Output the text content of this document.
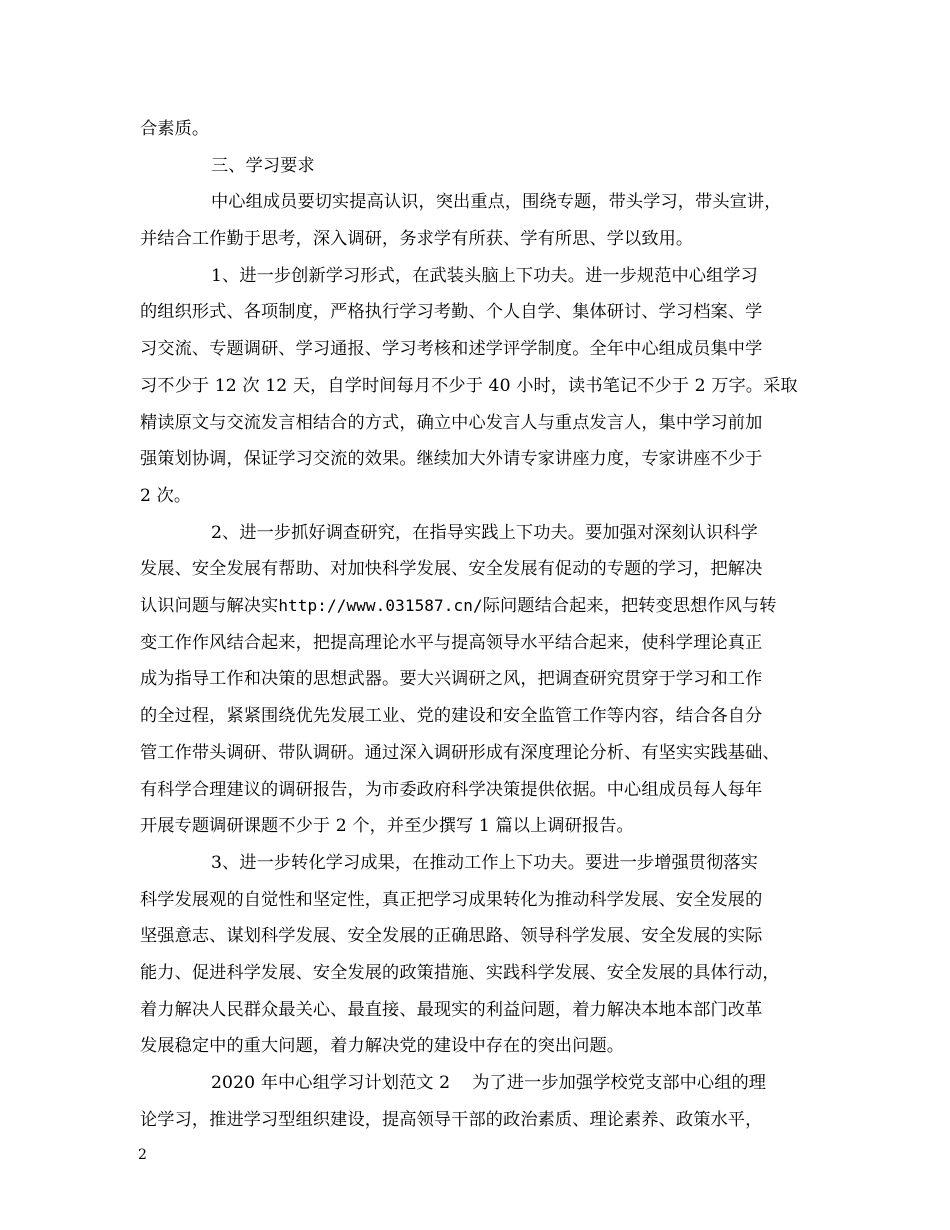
合素质。
三、学习要求
中心组成员要切实提高认识，突出重点，围绕专题，带头学习，带头宣讲，
并结合工作勤于思考，深入调研，务求学有所获、学有所思、学以致用。
1、进一步创新学习形式，在武装头脑上下功夫。进一步规范中心组学习
的组织形式、各项制度，严格执行学习考勤、个人自学、集体研讨、学习档案、学
习交流、专题调研、学习通报、学习考核和述学评学制度。全年中心组成员集中学
习不少于 12 次 12 天，自学时间每月不少于 40 小时，读书笔记不少于 2 万字。采取
精读原文与交流发言相结合的方式，确立中心发言人与重点发言人，集中学习前加
强策划协调，保证学习交流的效果。继续加大外请专家讲座力度，专家讲座不少于
2 次。
2、进一步抓好调查研究，在指导实践上下功夫。要加强对深刻认识科学
发展、安全发展有帮助、对加快科学发展、安全发展有促动的专题的学习，把解决
认识问题与解决实http://www.031587.cn/际问题结合起来，把转变思想作风与转
变工作作风结合起来，把提高理论水平与提高领导水平结合起来，使科学理论真正
成为指导工作和决策的思想武器。要大兴调研之风，把调查研究贯穿于学习和工作
的全过程，紧紧围绕优先发展工业、党的建设和安全监管工作等内容，结合各自分
管工作带头调研、带队调研。通过深入调研形成有深度理论分析、有坚实实践基础、
有科学合理建议的调研报告，为市委政府科学决策提供依据。中心组成员每人每年
开展专题调研课题不少于 2 个，并至少撰写 1 篇以上调研报告。
3、进一步转化学习成果，在推动工作上下功夫。要进一步增强贯彻落实
科学发展观的自觉性和坚定性，真正把学习成果转化为推动科学发展、安全发展的
坚强意志、谋划科学发展、安全发展的正确思路、领导科学发展、安全发展的实际
能力、促进科学发展、安全发展的政策措施、实践科学发展、安全发展的具体行动，
着力解决人民群众最关心、最直接、最现实的利益问题，着力解决本地本部门改革
发展稳定中的重大问题，着力解决党的建设中存在的突出问题。
2020 年中心组学习计划范文 2 为了进一步加强学校党支部中心组的理
论学习，推进学习型组织建设，提高领导干部的政治素质、理论素养、政策水平，
2
